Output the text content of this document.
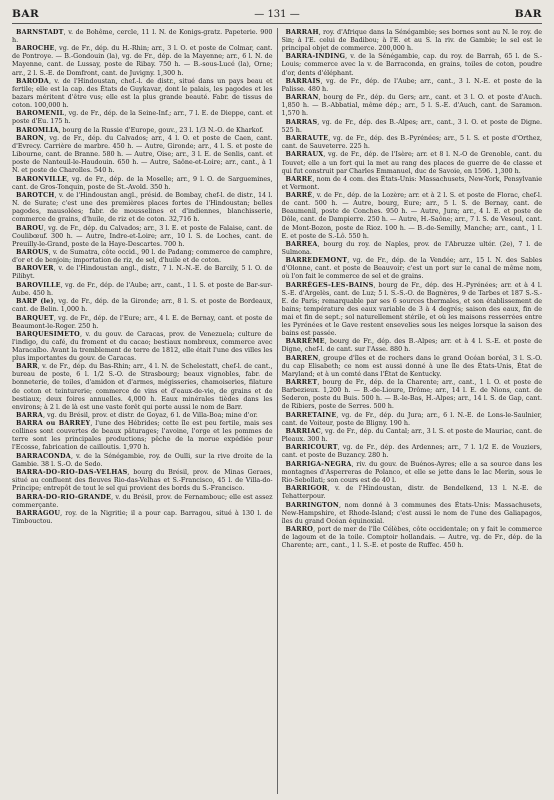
BAR	— 131 —	BAR

BARNSTADT, v. de Bohême, cercle, 11 l. N. de Konigs-gratz. Papeterie. 900 h.

BAROCHE, vg. de Fr., dép. du H.-Rhin; arr., 3 l. O. et poste de Colmar, cant. de Pontroye. — B.-Gondouin (la), vg. de Fr., dép. de la Mayenne; arr., 6 l. N. de Mayenne, cant. de Lussay, poste de Ribay. 750 h. — B.-sous-Lucé (la), Orne; arr., 2 l. S.-E. de Domfront, cant. de Juvigny. 1,300 h.

BARODA, v. de l'Hindoustan, chef.-l. de distr., situé dans un pays beau et fertile; elle est la cap. des États de Guykavar, dont le palais, les pagodes et les bazars méritent d'être vus; elle est la plus grande beauté. Fabr. de tissus de coton. 100,000 h.

BAROMENIL, vg. de Fr., dép. de la Seine-Inf.; arr., 7 l. E. de Dieppe, cant. et poste d'Eu. 175 h.

BAROMLIA, bourg de la Russie d'Europe, gouv., 23 l. 1/3 N.-O. de Kharkof.

BARON, vg. de Fr., dép. du Calvados; arr., 4 l. O. et poste de Caen, cant. d'Evrecy. Carrière de marbre. 450 h. — Autre, Gironde; arr., 4 l. S. et poste de Libourne, cant. de Branne. 580 h. — Autre, Oise; arr., 3 l. E. de Senlis, cant. et poste de Nanteuil-le-Haudouin. 650 h. — Autre, Saône-et-Loire; arr., cant., à 1 N. et poste de Charolles. 540 h.

BARONVILLE, vg. de Fr., dép. de la Moselle; arr., 9 l. O. de Sarguemines, cant. de Gros-Tonquin, poste de St.-Avold. 350 h.

BAROTCH, v. de l'Hindoustan angl., présid. de Bombay, chef-l. de distr., 14 l. N. de Surate; c'est une des premières places fortes de l'Hindoustan; belles pagodes, mausolées; fabr. de mousselines et d'indiennes, blanchisserie, commerce de grains, d'huile, de riz et de coton. 32,716 h.

BAROU, vg. de Fr., dép. du Calvados; arr., 3 l. E. et poste de Falaise, cant. de Coulibœuf. 300 h. — Autre, Indre-et-Loire; arr., 10 l. S. de Loches, cant. de Preuilly-le-Grand, poste de la Haye-Descartes. 700 h.

BAROUS, v. de Sumatra, côte occid., 90 l. de Padang; commerce de camphre, d'or et de benjoin; importation de riz, de sel, d'huile et de coton.

BAROVER, v. de l'Hindoustan angl., distr., 7 l. N.-N.-E. de Barcily, 5 l. O. de Pilibyt.

BAROVILLE, vg. de Fr., dép. de l'Aube; arr., cant., 1 l. S. et poste de Bar-sur-Aube. 450 h.

BARP (le), vg. de Fr., dép. de la Gironde; arr., 8 l. S. et poste de Bordeaux, cant. de Belin. 1,000 h.

BARQUET, vg. de Fr., dép. de l'Eure; arr., 4 l. E. de Bernay, cant. et poste de Beaumont-le-Roger. 250 h.

BARQUESIMETO, v. du gouv. de Caracas, prov. de Venezuela; culture de l'indigo, du café, du froment et du cacao; bestiaux nombreux, commerce avec Maracaïbo. Avant la tremblement de terre de 1812, elle était l'une des villes les plus importantes du gouv. de Caracas.

BARR, v. de Fr., dép. du Bas-Rhin; arr., 4 l. N. de Schelestatt, chef-l. de cant., bureau de poste, 6 l. 1/2 S.-O. de Strasbourg; beaux vignobles, fabr. de bonneterie, de toiles, d'amidon et d'armes, mégisseries, chamoiseries, filature de coton et teinturerie; commerce de vins et d'eaux-de-vie, de grains et de bestiaux; deux foires annuelles. 4,000 h. Eaux minérales tièdes dans les environs; à 2 l. de là est une vaste forêt qui porte aussi le nom de Barr.

BARRA, vg. du Brésil, prov. et distr. de Goyaz, 6 l. de Villa-Boa; mine d'or.

BARRA ou BARREY, l'une des Hébrides; cette île est peu fertile, mais ses collines sont couvertes de beaux pâturages; l'avoine, l'orge et les pommes de terre sont les principales productions; pêche de la morue expédiée pour l'Ecosse, fabrication de cailloutis. 1,970 h.

BARRACONDA, v. de la Sénégambie, roy. de Oulli, sur la rive droite de la Gambie. 38 l. S.-O. de Sedo.

BARRA-DO-RIO-DAS-VELHAS, bourg du Brésil, prov. de Minas Geraes, situé au confluent des fleuves Rio-das-Velhas et S.-Francisco, 45 l. de Villa-do-Principe; entrepôt de tout le sel qui provient des bords du S.-Francisco.

BARRA-DO-RIO-GRANDE, v. du Brésil, prov. de Fernambouc; elle est assez commerçante.

BARRAGOU, roy. de la Nigritie; il a pour cap. Barragou, situé à 130 l. de Timbouctou.

BARRAH, roy. d'Afrique dans la Sénégambie; ses bornes sont au N. le roy. de Sin; à l'E. celui de Badibou; à l'E. et au S. la riv. de Gambie; le sel est le principal objet de commerce. 200,000 h.

BARRA-INDING, v. de la Sénégambie, cap. du roy. de Barrah, 65 l. de S.-Louis; commerce avec la v. de Barraconda, en grains, toiles de coton, poudre d'or, dents d'éléphant.

BARRAIS, vg. de Fr., dép. de l'Aube; arr., cant., 3 l. N.-E. et poste de la Palisse. 480 h.

BARRAN, bourg de Fr., dép. du Gers; arr., cant. et 3 l. O. et poste d'Auch. 1,850 h. — B.-Abbatial, même dép.; arr., 5 l. S.-E. d'Auch, cant. de Saramon. 1,570 h.

BARRAS, vg. de Fr., dép. des B.-Alpes; arr., cant., 3 l. O. et poste de Digne. 525 h.

BARRAUTE, vg. de Fr., dép. des B.-Pyrénées; arr., 5 l. S. et poste d'Orthez, cant. de Sauveterre. 225 h.

BARRAUX, vg. de Fr., dép. de l'Isère; arr. et 8 l. N.-O de Grenoble, cant. du Touvet; elle a un fort qui la met au rang des places de guerre de 4e classe et qui fut construit par Charles Emmanuel, duc de Savoie, en 1596. 1,300 h.

BARRE, nom de 4 com. des États-Unis: Massachusets, New-York, Pensylvanie et Vermont.

BARRÉ, v. de Fr., dép. de la Lozère; arr. et à 2 l. S. et poste de Florac, chef-l. de cant. 500 h. — Autre, bourg, Eure; arr., 5 l. S. de Bernay, cant. de Beaumenil, poste de Conches. 950 h. — Autre, Jura; arr., 4 l. E. et poste de Dôle, cant. de Dampierre. 250 h. — Autre, H.-Saône; arr., 7 l. S. de Vesoul, cant. de Mont-Bozon, poste de Rioz. 100 h. — B.-de-Semilly, Manche; arr., cant., 1 l. E. et poste de S.-Lô. 550 h.

BARREA, bourg du roy. de Naples, prov. de l'Abruzze ultér. (2e), 7 l. de Sulmona.

BARREDEMONT, vg. de Fr., dép. de la Vendée; arr., 15 l. N. des Sables d'Olonne, cant. et poste de Beauvoir; c'est un port sur le canal de même nom, où l'on fait le commerce de sel et de grains.

BARRÉGES-LES-BAINS, bourg de Fr., dép. des H.-Pyrénées; arr. et à 4 l. S.-E. d'Argelès, cant. de Luz; 5 l. S.-S.-O. de Bagnères, 9 de Tarbes et 187 S.-S.-E. de Paris; remarquable par ses 6 sources thermales, et son établissement de bains; température des eaux variable de 3 à 4 degrés; saison des eaux, fin de mai et fin de sept.; sol naturellement stérile, et où les maisons resserrées entre les Pyrénées et le Gave restent ensevelies sous les neiges lorsque la saison des bains est passée.

BARRÈME, bourg de Fr., dép. des B.-Alpes; arr. et à 4 l. S.-E. et poste de Digne, chef-l. de cant. sur l'Asse. 880 h.

BARREN, groupe d'îles et de rochers dans le grand Océan boréal, 3 l. S.-O. du cap Elisabeth; ce nom est aussi donné à une île des États-Unis, État de Maryland; et à un comté dans l'État de Kentucky.

BARRET, bourg de Fr., dép. de la Charente; arr., cant., 1 l. O. et poste de Barbezieux. 1,200 h. — B.-de-Lioure, Drôme; arr., 14 l. E. de Nions, cant. de Sederon, poste du Buis. 500 h. — B.-le-Bas, H.-Alpes; arr., 14 l. S. de Gap, cant. de Ribiers, poste de Serres. 500 h.

BARRETAINE, vg. de Fr., dép. du Jura; arr., 6 l. N.-E. de Lons-le-Saulnier, cant. de Voiteur, poste de Bligny. 190 h.

BARRIAC, vg. de Fr., dép. du Cantal; arr., 3 l. S. et poste de Mauriac, cant. de Pleaux. 300 h.

BARRICOURT, vg. de Fr., dép. des Ardennes; arr., 7 l. 1/2 E. de Vouziers, cant. et poste de Buzancy. 280 h.

BARRIGA-NEGRA, riv. du gouv. de Buénos-Ayres; elle a sa source dans les montagnes d'Asperreras de Polanco, et elle se jette dans le lac Merin, sous le Rio-Sebollati; son cours est de 40 l.

BARRIGOR, v. de l'Hindoustan, distr. de Bendelkend, 13 l. N.-E. de Tehatterpour.

BARRINGTON, nom donné à 3 communes des États-Unis: Massachusets, New-Hampshire, et Rhode-Island; c'est aussi le nom de l'une des Galiapagos, îles du grand Océan équinoxial.

BARRO, port de mer de l'île Célèbes, côte occidentale; on y fait le commerce de lagoum et de la toile. Comptoir hollandais. — Autre, vg. de Fr., dép. de la Charente; arr., cant., 1 l. S.-E. et poste de Ruffec. 450 h.
